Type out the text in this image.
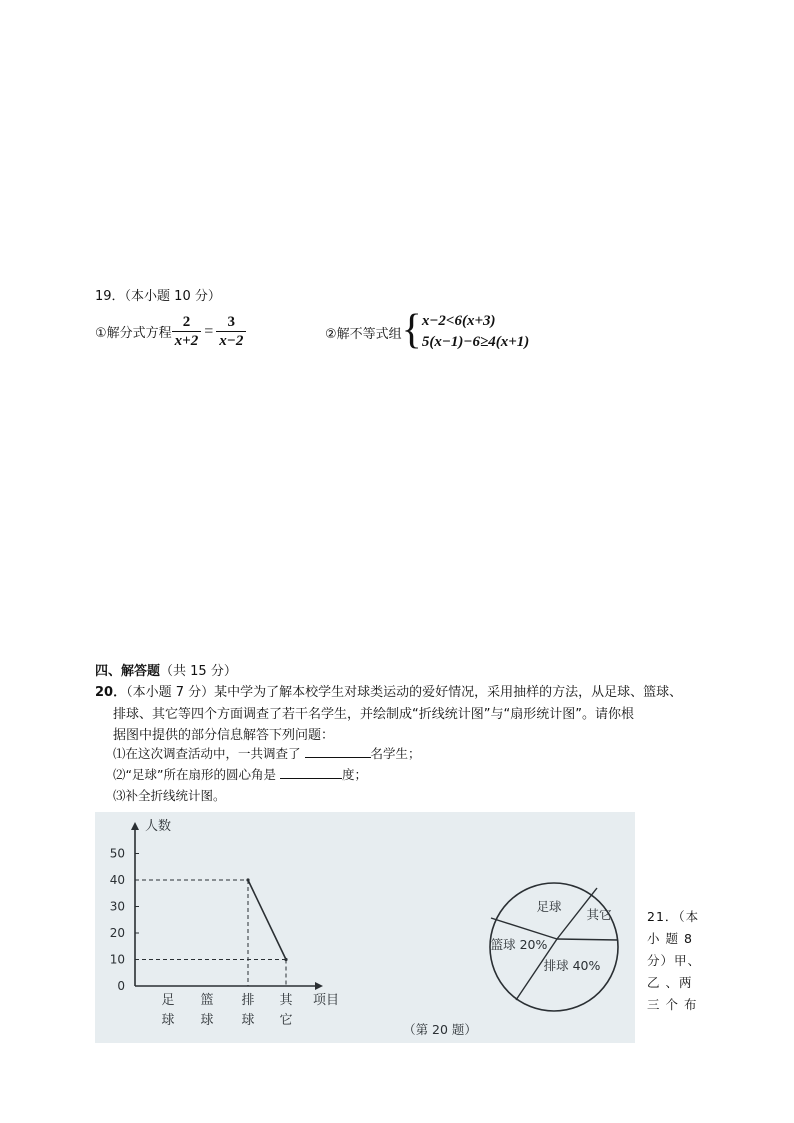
19．（本小题 10 分）
①解分式方程 $\frac{2}{x+2} = \frac{3}{x-2}$	②解不等式组 { x−2<6(x+3)
5(x−1)−6≥4(x+1)
四、解答题（共 15 分）
20．（本小题 7 分）某中学为了解本校学生对球类运动的爱好情况，采用抽样的方法，从足球、篮球、
排球、其它等四个方面调查了若干名学生，并绘制成“折线统计图”与“扇形统计图”。请你根
据图中提供的部分信息解答下列问题：
⑴在这次调查活动中，一共调查了	名学生；
⑵“足球”所在扇形的圆心角是	度；
⑶补全折线统计图。
人数
项目
0
10
20
30
40
50
足
球
篮
球
排
球
其
它
足球
其它
篮球 20%
排球 40%
（第 20 题）
21．（本
小 题 8
分）甲、
乙 、两
三 个 布
